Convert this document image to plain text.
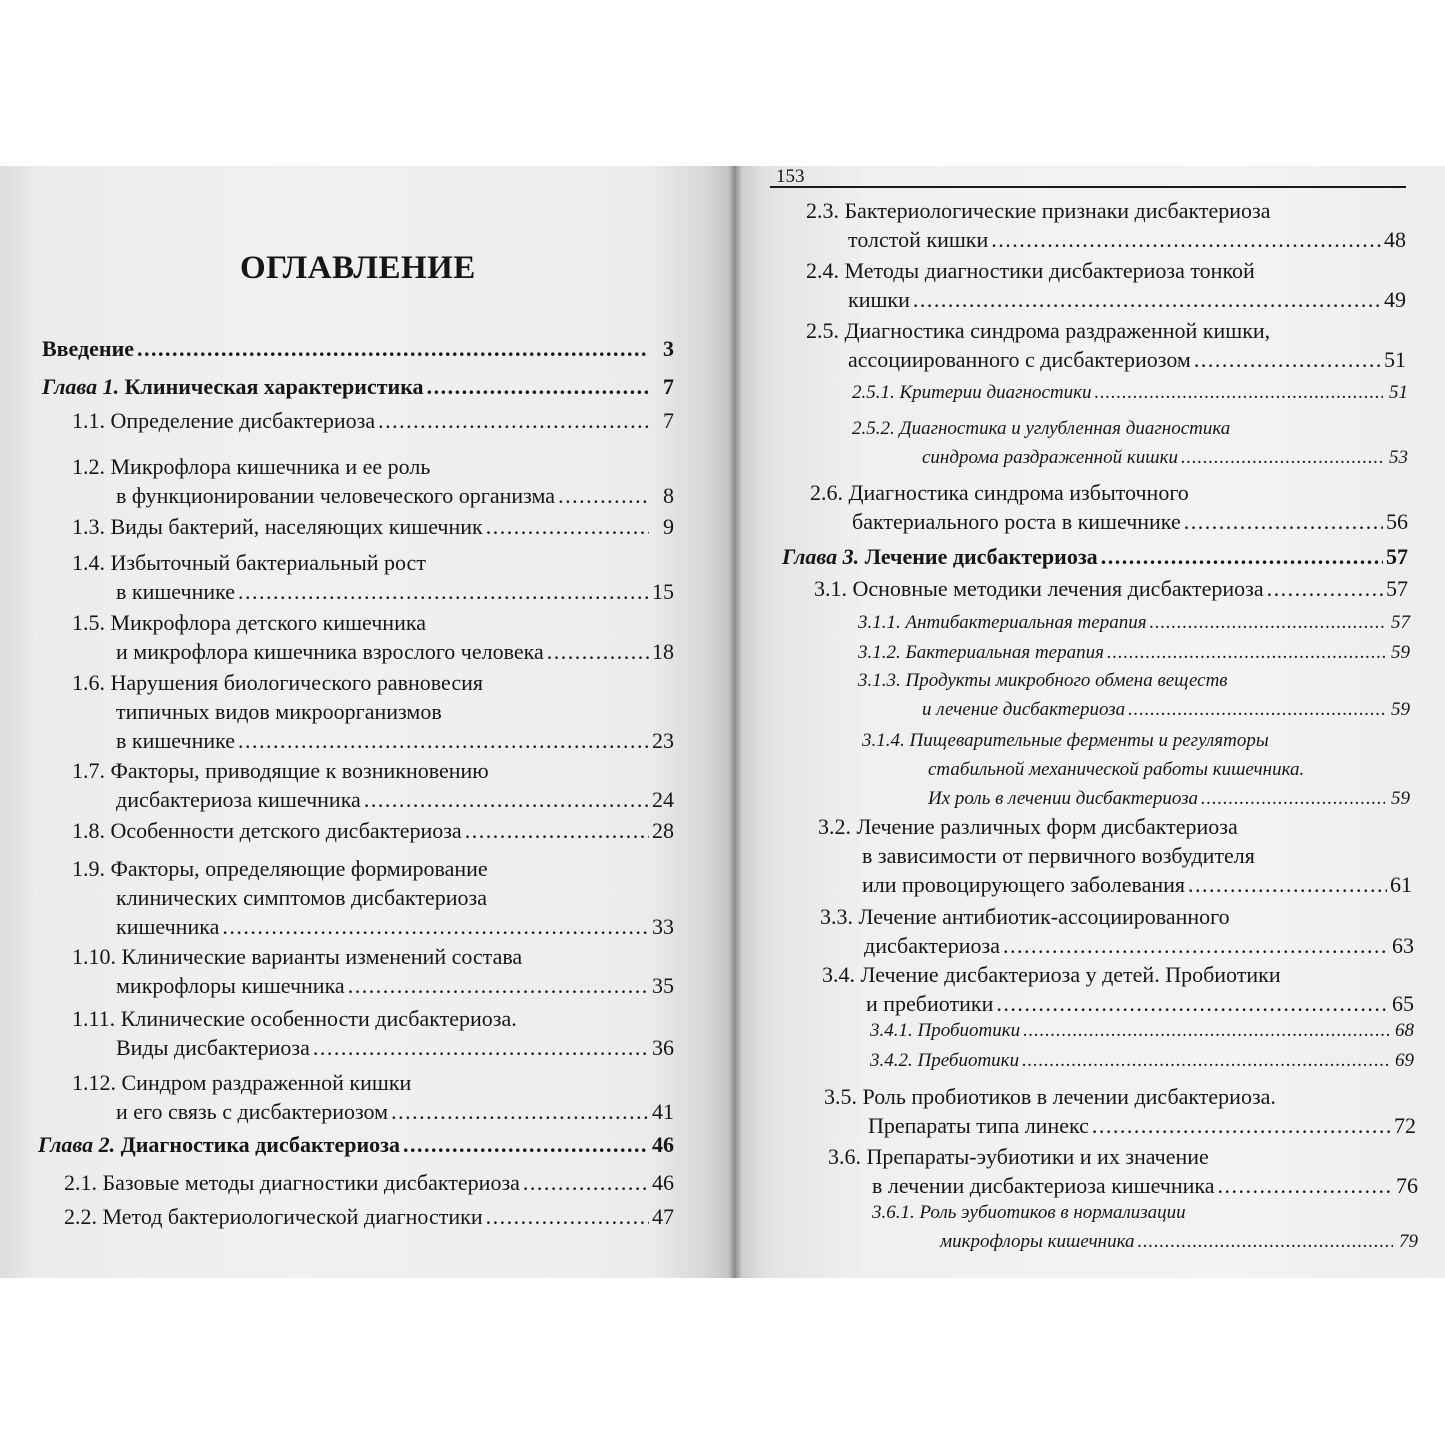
ОГЛАВЛЕНИЕ
Введение . . .	3
Глава 1. Клиническая характеристика . . .	7
1.1. Определение дисбактериоза . . .	7
1.2. Микрофлора кишечника и ее роль
в функционировании человеческого организма . . .	8
1.3. Виды бактерий, населяющих кишечник . . .	9
1.4. Избыточный бактериальный рост
в кишечнике . . .	15
1.5. Микрофлора детского кишечника
и микрофлора кишечника взрослого человека . . .	18
1.6. Нарушения биологического равновесия
типичных видов микроорганизмов
в кишечнике . . .	23
1.7. Факторы, приводящие к возникновению
дисбактериоза кишечника . . .	24
1.8. Особенности детского дисбактериоза . . .	28
1.9. Факторы, определяющие формирование
клинических симптомов дисбактериоза
кишечника . . .	33
1.10. Клинические варианты изменений состава
микрофлоры кишечника . . .	35
1.11. Клинические особенности дисбактериоза.
Виды дисбактериоза . . .	36
1.12. Синдром раздраженной кишки
и его связь с дисбактериозом . . .	41
Глава 2. Диагностика дисбактериоза . . .	46
2.1. Базовые методы диагностики дисбактериоза . . .	46
2.2. Метод бактериологической диагностики . . .	47
153
2.3. Бактериологические признаки дисбактериоза
толстой кишки . . .	48
2.4. Методы диагностики дисбактериоза тонкой
кишки . . .	49
2.5. Диагностика синдрома раздраженной кишки,
ассоциированного с дисбактериозом . . .	51
2.5.1. Критерии диагностики . . .	51
2.5.2. Диагностика и углубленная диагностика
синдрома раздраженной кишки . . .	53
2.6. Диагностика синдрома избыточного
бактериального роста в кишечнике . . .	56
Глава 3. Лечение дисбактериоза . . .	57
3.1. Основные методики лечения дисбактериоза . . .	57
3.1.1. Антибактериальная терапия . . .	57
3.1.2. Бактериальная терапия . . .	59
3.1.3. Продукты микробного обмена веществ
и лечение дисбактериоза . . .	59
3.1.4. Пищеварительные ферменты и регуляторы
стабильной механической работы кишечника.
Их роль в лечении дисбактериоза . . .	59
3.2. Лечение различных форм дисбактериоза
в зависимости от первичного возбудителя
или провоцирующего заболевания . . .	61
3.3. Лечение антибиотик-ассоциированного
дисбактериоза . . .	63
3.4. Лечение дисбактериоза у детей. Пробиотики
и пребиотики . . .	65
3.4.1. Пробиотики . . .	68
3.4.2. Пребиотики . . .	69
3.5. Роль пробиотиков в лечении дисбактериоза.
Препараты типа линекс . . .	72
3.6. Препараты-эубиотики и их значение
в лечении дисбактериоза кишечника . . .	76
3.6.1. Роль эубиотиков в нормализации
микрофлоры кишечника . . .	79
